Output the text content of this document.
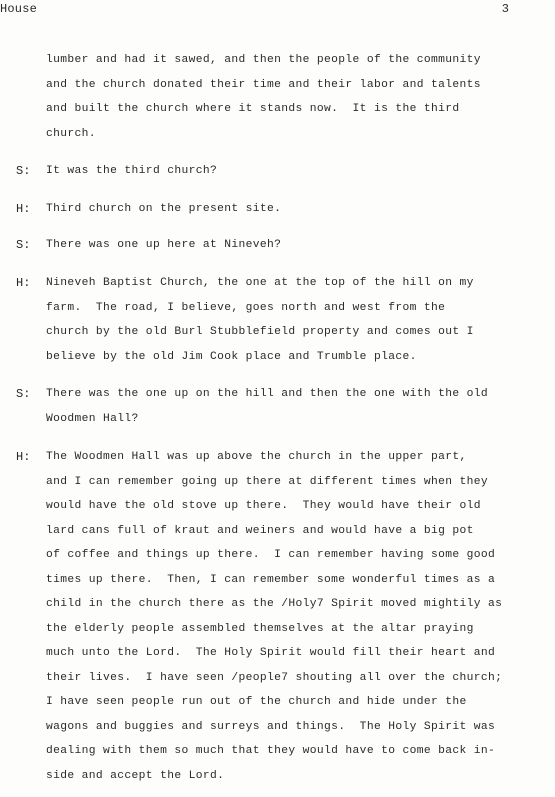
House	3
lumber and had it sawed, and then the people of the community
and the church donated their time and their labor and talents
and built the church where it stands now.  It is the third
church.
S: It was the third church?
H: Third church on the present site.
S: There was one up here at Nineveh?
H: Nineveh Baptist Church, the one at the top of the hill on my
farm.  The road, I believe, goes north and west from the
church by the old Burl Stubblefield property and comes out I
believe by the old Jim Cook place and Trumble place.
S: There was the one up on the hill and then the one with the old
Woodmen Hall?
H: The Woodmen Hall was up above the church in the upper part,
and I can remember going up there at different times when they
would have the old stove up there.  They would have their old
lard cans full of kraut and weiners and would have a big pot
of coffee and things up there.  I can remember having some good
times up there.  Then, I can remember some wonderful times as a
child in the church there as the /Holy7 Spirit moved mightily as
the elderly people assembled themselves at the altar praying
much unto the Lord.  The Holy Spirit would fill their heart and
their lives.  I have seen /people7 shouting all over the church;
I have seen people run out of the church and hide under the
wagons and buggies and surreys and things.  The Holy Spirit was
dealing with them so much that they would have to come back in-
side and accept the Lord.
